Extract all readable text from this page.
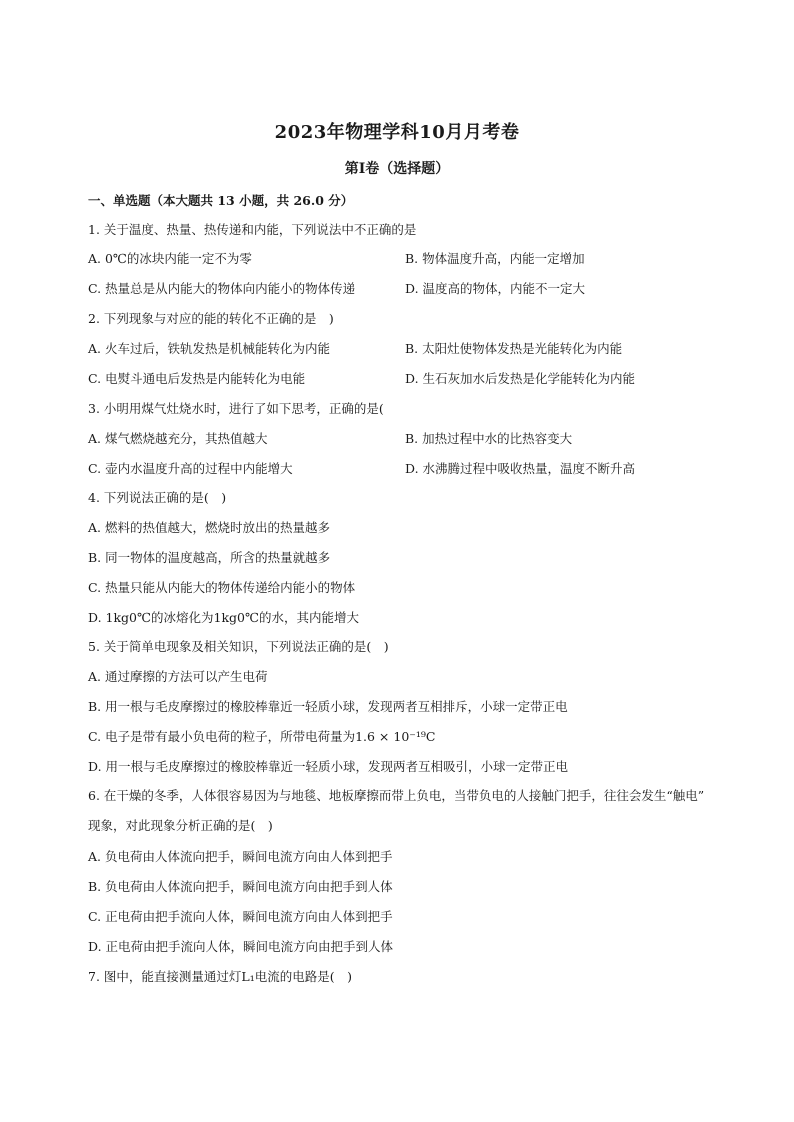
2023年物理学科10月月考卷
第I卷（选择题）
一、单选题（本大题共 13 小题，共 26.0 分）
1. 关于温度、热量、热传递和内能，下列说法中不正确的是
A. 0℃的冰块内能一定不为零	B. 物体温度升高，内能一定增加
C. 热量总是从内能大的物体向内能小的物体传递	D. 温度高的物体，内能不一定大
2. 下列现象与对应的能的转化不正确的是　)
A. 火车过后，铁轨发热是机械能转化为内能	B. 太阳灶使物体发热是光能转化为内能
C. 电熨斗通电后发热是内能转化为电能	D. 生石灰加水后发热是化学能转化为内能
3. 小明用煤气灶烧水时，进行了如下思考，正确的是(
A. 煤气燃烧越充分，其热值越大	B. 加热过程中水的比热容变大
C. 壶内水温度升高的过程中内能增大	D. 水沸腾过程中吸收热量，温度不断升高
4. 下列说法正确的是(　)
A. 燃料的热值越大，燃烧时放出的热量越多
B. 同一物体的温度越高，所含的热量就越多
C. 热量只能从内能大的物体传递给内能小的物体
D. 1kg0℃的冰熔化为1kg0℃的水，其内能增大
5. 关于简单电现象及相关知识，下列说法正确的是(　)
A. 通过摩擦的方法可以产生电荷
B. 用一根与毛皮摩擦过的橡胶棒靠近一轻质小球，发现两者互相排斥，小球一定带正电
C. 电子是带有最小负电荷的粒子，所带电荷量为1.6 × 10⁻¹⁹C
D. 用一根与毛皮摩擦过的橡胶棒靠近一轻质小球，发现两者互相吸引，小球一定带正电
6. 在干燥的冬季，人体很容易因为与地毯、地板摩擦而带上负电，当带负电的人接触门把手，往往会发生“触电”
现象，对此现象分析正确的是(　)
A. 负电荷由人体流向把手，瞬间电流方向由人体到把手
B. 负电荷由人体流向把手，瞬间电流方向由把手到人体
C. 正电荷由把手流向人体，瞬间电流方向由人体到把手
D. 正电荷由把手流向人体，瞬间电流方向由把手到人体
7. 图中，能直接测量通过灯L₁电流的电路是(　)
